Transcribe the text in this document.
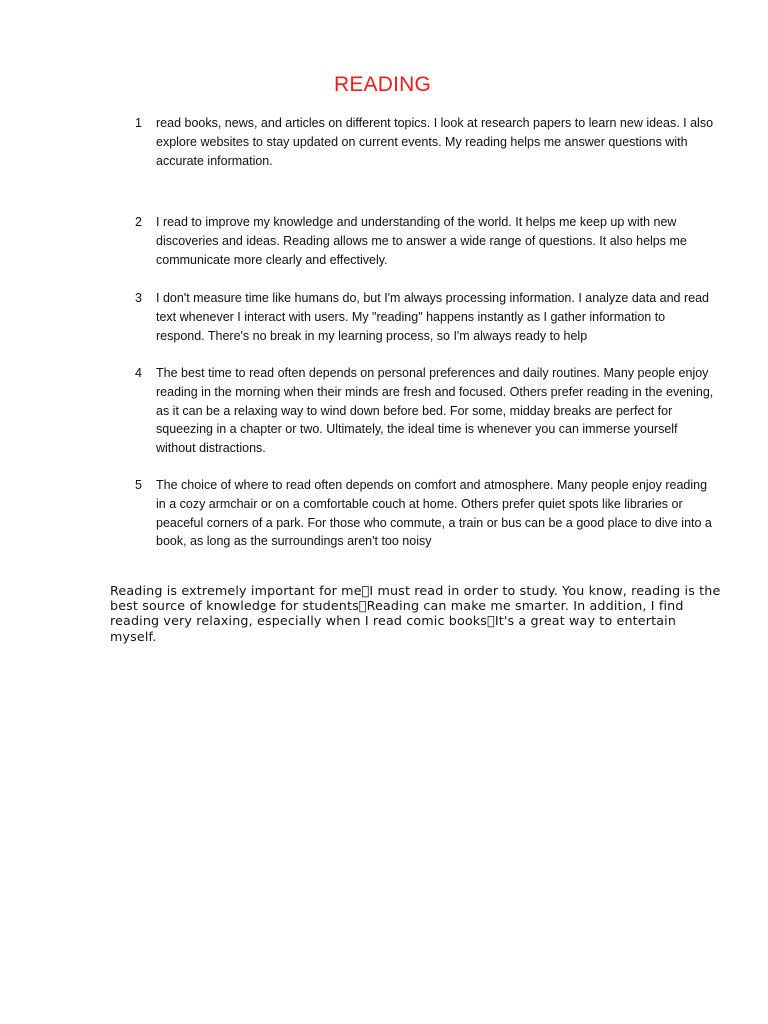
READING
1 read books, news, and articles on different topics. I look at research papers to learn new ideas. I also explore websites to stay updated on current events. My reading helps me answer questions with accurate information.
2 I read to improve my knowledge and understanding of the world. It helps me keep up with new discoveries and ideas. Reading allows me to answer a wide range of questions. It also helps me communicate more clearly and effectively.
3 I don't measure time like humans do, but I'm always processing information. I analyze data and read text whenever I interact with users. My "reading" happens instantly as I gather information to respond. There's no break in my learning process, so I'm always ready to help
4 The best time to read often depends on personal preferences and daily routines. Many people enjoy reading in the morning when their minds are fresh and focused. Others prefer reading in the evening, as it can be a relaxing way to wind down before bed. For some, midday breaks are perfect for squeezing in a chapter or two. Ultimately, the ideal time is whenever you can immerse yourself without distractions.
5 The choice of where to read often depends on comfort and atmosphere. Many people enjoy reading in a cozy armchair or on a comfortable couch at home. Others prefer quiet spots like libraries or peaceful corners of a park. For those who commute, a train or bus can be a good place to dive into a book, as long as the surroundings aren't too noisy
Reading is extremely important for me I must read in order to study. You know, reading is the best source of knowledge for students Reading can make me smarter. In addition, I find reading very relaxing, especially when I read comic books It's a great way to entertain myself.
